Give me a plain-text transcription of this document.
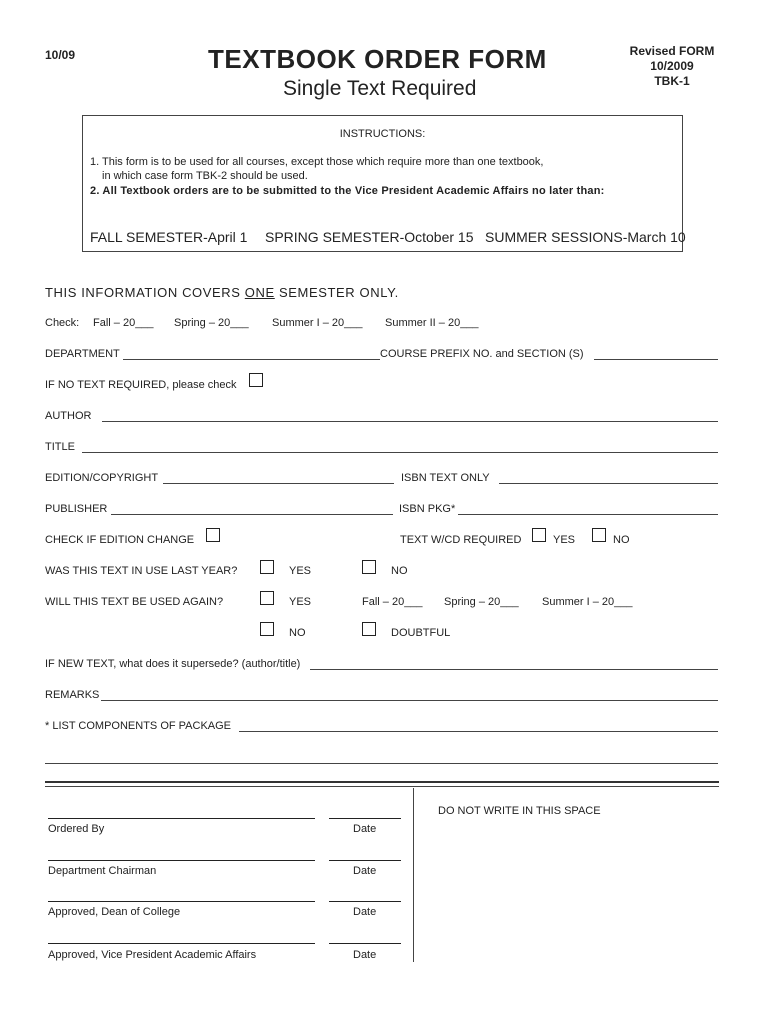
10/09	TEXTBOOK ORDER FORM
Single Text Required
Revised FORM
10/2009
TBK-1
INSTRUCTIONS:
1. This form is to be used for all courses, except those which require more than one textbook,
in which case form TBK-2 should be used.
2. All Textbook orders are to be submitted to the Vice President Academic Affairs no later than:
FALL SEMESTER-April 1 SPRING SEMESTER-October 15 SUMMER SESSIONS-March 10
THIS INFORMATION COVERS ONE SEMESTER ONLY.
Check: Fall – 20___ Spring – 20___ Summer I – 20___ Summer II – 20___
DEPARTMENT	COURSE PREFIX NO. and SECTION (S)
IF NO TEXT REQUIRED, please check
AUTHOR
TITLE
EDITION/COPYRIGHT	ISBN TEXT ONLY
PUBLISHER	ISBN PKG*
CHECK IF EDITION CHANGE	TEXT W/CD REQUIRED	YES	NO
WAS THIS TEXT IN USE LAST YEAR?	YES	NO
WILL THIS TEXT BE USED AGAIN?	YES	Fall – 20___ Spring – 20___ Summer I – 20___
NO	DOUBTFUL
IF NEW TEXT, what does it supersede? (author/title)
REMARKS
* LIST COMPONENTS OF PACKAGE
DO NOT WRITE IN THIS SPACE
Ordered By	Date
Department Chairman	Date
Approved, Dean of College	Date
Approved, Vice President Academic Affairs	Date
